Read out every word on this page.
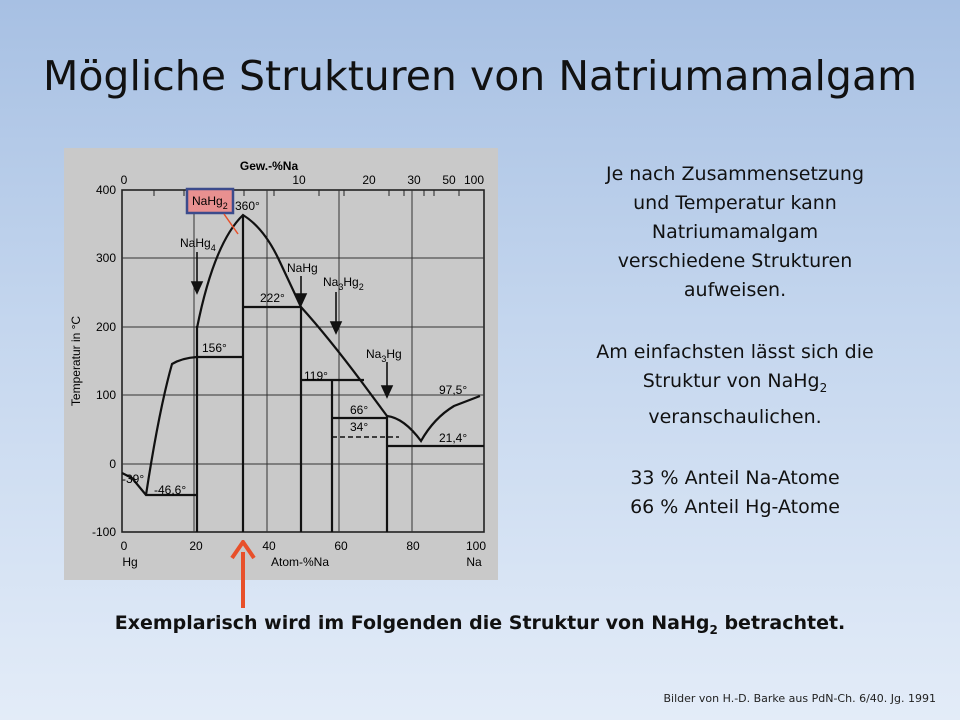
Mögliche Strukturen von Natriumamalgam
Gew.-%Na
0	10	20	30 50 100
400
300
200
100
0
-100
Temperatur in °C
0	20	40	60	80	100
Hg	Atom-%Na	Na
NaHg$_2$
NaHg$_4$
NaHg
$Na_3Hg_2$
$Na_3Hg$
360°
222°
156°
119°
97,5°
66°
34°
21,4°
-39°
-46,6°
Je nach Zusammensetzung
und Temperatur kann
Natriumamalgam
verschiedene Strukturen
aufweisen.
Am einfachsten lässt sich die
Struktur von NaHg$_2$
veranschaulichen.
33 % Anteil Na-Atome
66 % Anteil Hg-Atome
Exemplarisch wird im Folgenden die Struktur von NaHg$_2$ betrachtet.
Bilder von H.-D. Barke aus PdN-Ch. 6/40. Jg. 1991
